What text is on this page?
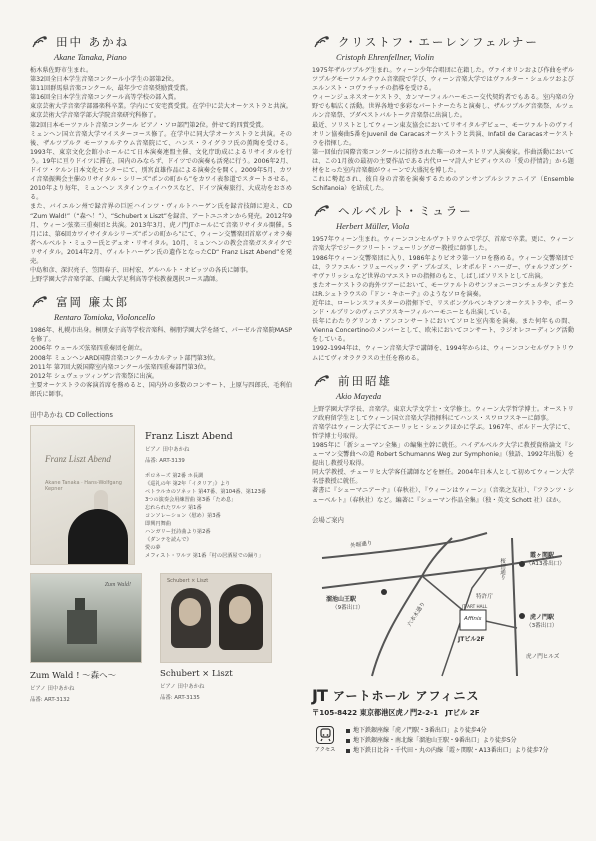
田中 あかね
Akane Tanaka, Piano

栃木県佐野市生まれ。

第32回全日本学生音楽コンクール小学生の部第2位。

第11回群馬県音楽コンクール、最年少で音楽奨励賞受賞。

第16回全日本学生音楽コンクール高等学校の部入賞。

東京芸術大学音楽学部器楽科卒業。学内にて安宅賞受賞。在学中に芸大オーケストラと共演。東京芸術大学音楽学部大学院音楽研究科修了。

第2回日本モーツァルト音楽コンクール ピアノ・ソロ部門第2位。併せて約四賞受賞。

ミュンヘン国立音楽大学マイスターコース修了。在学中に同大学オーケストラと共演。その後、ザルツブルク モーツァルテウム音楽院にて、ハンス・ライグラフ氏の薫陶を受ける。1993年、東京文化会館小ホールにて日本演奏連盟主催、文化庁助成によるリサイタルを行う。19年に亘りドイツに滞在、国内のみならず、ドイツでの演奏も活発に行う。2006年2月、ドイツ・ケルン日本文化センターにて、別宮貞雄作品による演奏会を開く。2009年5月、カワイ音楽振興会主催のリサイタル・シリーズ“ポンの町から”をカワイ表参道でスタートさせる。2010年より毎年、ミュンヘン スタインウェイハウスなど、ドイツ演奏旅行、大成功をおさめる。

また、バイエルン州で録音界の巨匠ハインツ・ヴィルトハーゲン氏を録音技師に迎え、CD “Zum Wald!”（“森へ！”）、“Schubert x Liszt”を録音、アートユニオンから発売。2012年9月、ウィーン弦楽三重奏団と共演。2013年3月、虎ノ門JTホールにて音楽リサイタル開催。5月には、第6回カワイサイタルシリーズ“ポンの町から”にて、ウィーン交響楽団首席ヴィオラ奏者ヘルベルト・ミュラー氏とデュオ・リサイタル。10月、ミュンヘンの教会音楽ガスタイクでリサイタル。2014年2月、ヴィルトハーゲン氏の遺作となったCD“ Franz Liszt Abend”を発売。

中島和彦、深沢亮子、笠間春子、田村宏、ゲルハルト・オピッツの各氏に師事。

上野学園大学音楽学部、白鷗大学足利高等学校教養選択コース講師。

富岡 廉太郎
Rentaro Tomioka, Violoncello

1986年、札幌市出身。桐朋女子高等学校音楽科、桐朋学園大学を経て、パーゼル音楽院MASPを修了。

2006年 ウェールズ弦楽四重奏団を創立。

2008年 ミュンヘンARD国際音楽コンクールカルテット部門第3位。

2011年 第7回大阪国際室内楽コンクール弦楽四重奏部門第3位。

2012年 シュヴェッツィンゲン音楽祭に出演。

主要オーケストラの客演首席を務めると、国内外の多数のコンサート、上原与四郎氏、毛利伯郎氏に師事。

田中あかね CD Collections
Franz Liszt Abend
Akane Tanaka · Hans-Wolfgang Kepner
Franz Liszt Abend
ピアノ 田中あかね
品番: ART-3139
ポロネーズ 第2番 ホ長調
《巡礼の年 第2年「イタリア」》より
ペトラルカのソネット 第47番、第104番、第123番
3つの演奏会用練習曲 第3番「ため息」
忘れられたワルツ 第1番
コンソレーション（慰め）第3番
即興円舞曲
ハンガリー狂詩曲より第2番
《ダンテを読んで》
愛の夢
メフィスト・ワルツ 第1番「村の居酒屋での踊り」
Zum Wald!
Zum Wald ! 〜森へ〜
ピアノ 田中あかね
品番: ART-3132
Schubert × Liszt
Schubert × Liszt
ピアノ 田中あかね
品番: ART-3135
クリストフ・エーレンフェルナー
Cristoph Ehrenfellner, Violin

1975年ザルツブルグ生まれ。ウィーン少年合唱団に在籍した。ヴァイオリンおよび作曲をザルツブルグモーツァルテウム音楽院で学び、ウィーン音楽大学ではヴァルター・シュルツおよびエルンスト・コヴァチッチの指導を受ける。

ウィーンジュネスオーケストラ、カンマーフィルハーモニー交代契約者でもある。室内楽の分野でも幅広く活動。世界各地で多彩なパートナーたちと演奏し、ザルツブルグ音楽祭、ルツェルン音楽祭、ブダペストバルトーク音楽祭に出演した。

最近、ソリストとしてウィーン東友協会においてリサイタルデビュー、モーツァルトのヴァイオリン協奏曲5番をJuvenil de Caracasオーケストラと共演、Infatil de Caracasオーケストラを指揮した。

第一回仙台国際音楽コンクールに招待された唯一のオーストリア人演奏家。作曲活動においては、この1月彼の最初の主要作品である古代ローマ詩人ナビディウスの「愛の抒情詩」から題材をとった室内音楽劇がウィーンで大盛況を博した。

これに勢起され、彼自身の音楽を演奏するためのアンサンブルシファニイア（Ensemble Schifanoia）を結成した。

ヘルベルト・ミュラー
Herbert Müller, Viola

1957年ウィーン生まれ。ウィーンコンセルヴァトリウムで学び、首席で卒業。更に、ウィーン音楽大学でジークフリート・フューリングガー教授に師事した。

1986年ウィーン交響楽団に入り、1986年よりビオラ第一ソロを務める。ウィーン交響楽団では、ラファエル・フリューベック・デ・ブルゴス、レオポルド・ハーガー、ヴォルフガング・サヴァリッシュなど世界のマエストロの指揮のもと、しばしばソリストとして出演。

またオーケストラの海外ツアーにおいて、モーツァルトのサンフォニーコンチェルタンテまたはR.シュトラウスの『ドン・キホーテ』のようなソロを演奏。

近年は、ローレンスフォスターの指揮下で、リスボングルベンキアンオーケストラや、ポーランド・ルブリンのヴィニアフスキーフィルハーモニーとも出演している。

長年にわたりグリンカ・アンコンサートにおいてソロと室内楽を演奏。また何年もの間、Vienna Concertinoのメンバーとして、欧米においてコンサート、ラジオレコーディング活動をしている。

1992-1994年は、ウィーン音楽大学で講師を、1994年からは、ウィーンコンセルヴァトリウムにてヴィオラクラスの主任を務める。

前田昭雄
Akio Mayeda

上野学園大学学長、音楽学。東京大学文学士・文学修士。ウィーン大学哲学博士。オーストリア政府留学生としてウィーン国立音楽大学指揮科にてハンス・スワロフスキーに師事。

音楽学はウィーン大学にてエーリッヒ・シェンクほかに学ぶ。1967年、ボルドー大学にて、哲学博士号取得。

1985年に「新シューマン全集」の編集主幹に就任。ハイデルベルク大学に教授資格論文『シューマン交響曲への道 Robert Schumanns Weg zur Symphonie』（独語、1992年出版）を提出し教授号取得。

同大学教授、チューリヒ大学客任講師などを歴任。2004年日本人として初めてウィーン大学名誉教授に就任。

著書に『シューマニアーナ』（春秋社）、『ウィーンはウィーン』（音楽之友社）、『フランツ・シューベルト』（春秋社）など。編著に『シューマン作品全集』（独・英文 Schott 社）ほか。

会場ご案内
外堀通り
霞ヶ関駅
（A13番出口）
溜池山王駅
（9番出口）
特許庁
JT ART HALL
Affinis
JTビル2F
虎ノ門駅
（3番出口）
虎ノ門ヒルズ
桜田通り
六本木通り
JT アートホール アフィニス
〒105-8422 東京都港区虎ノ門2-2-1　JTビル 2F
アクセス
地下鉄銀座線「虎ノ門駅・3番出口」より徒歩4分
地下鉄銀座線・南北線「溜池山王駅・9番出口」より徒歩5分
地下鉄日比谷・千代田・丸の内線「霞ヶ関駅・A13番出口」より徒歩7分
